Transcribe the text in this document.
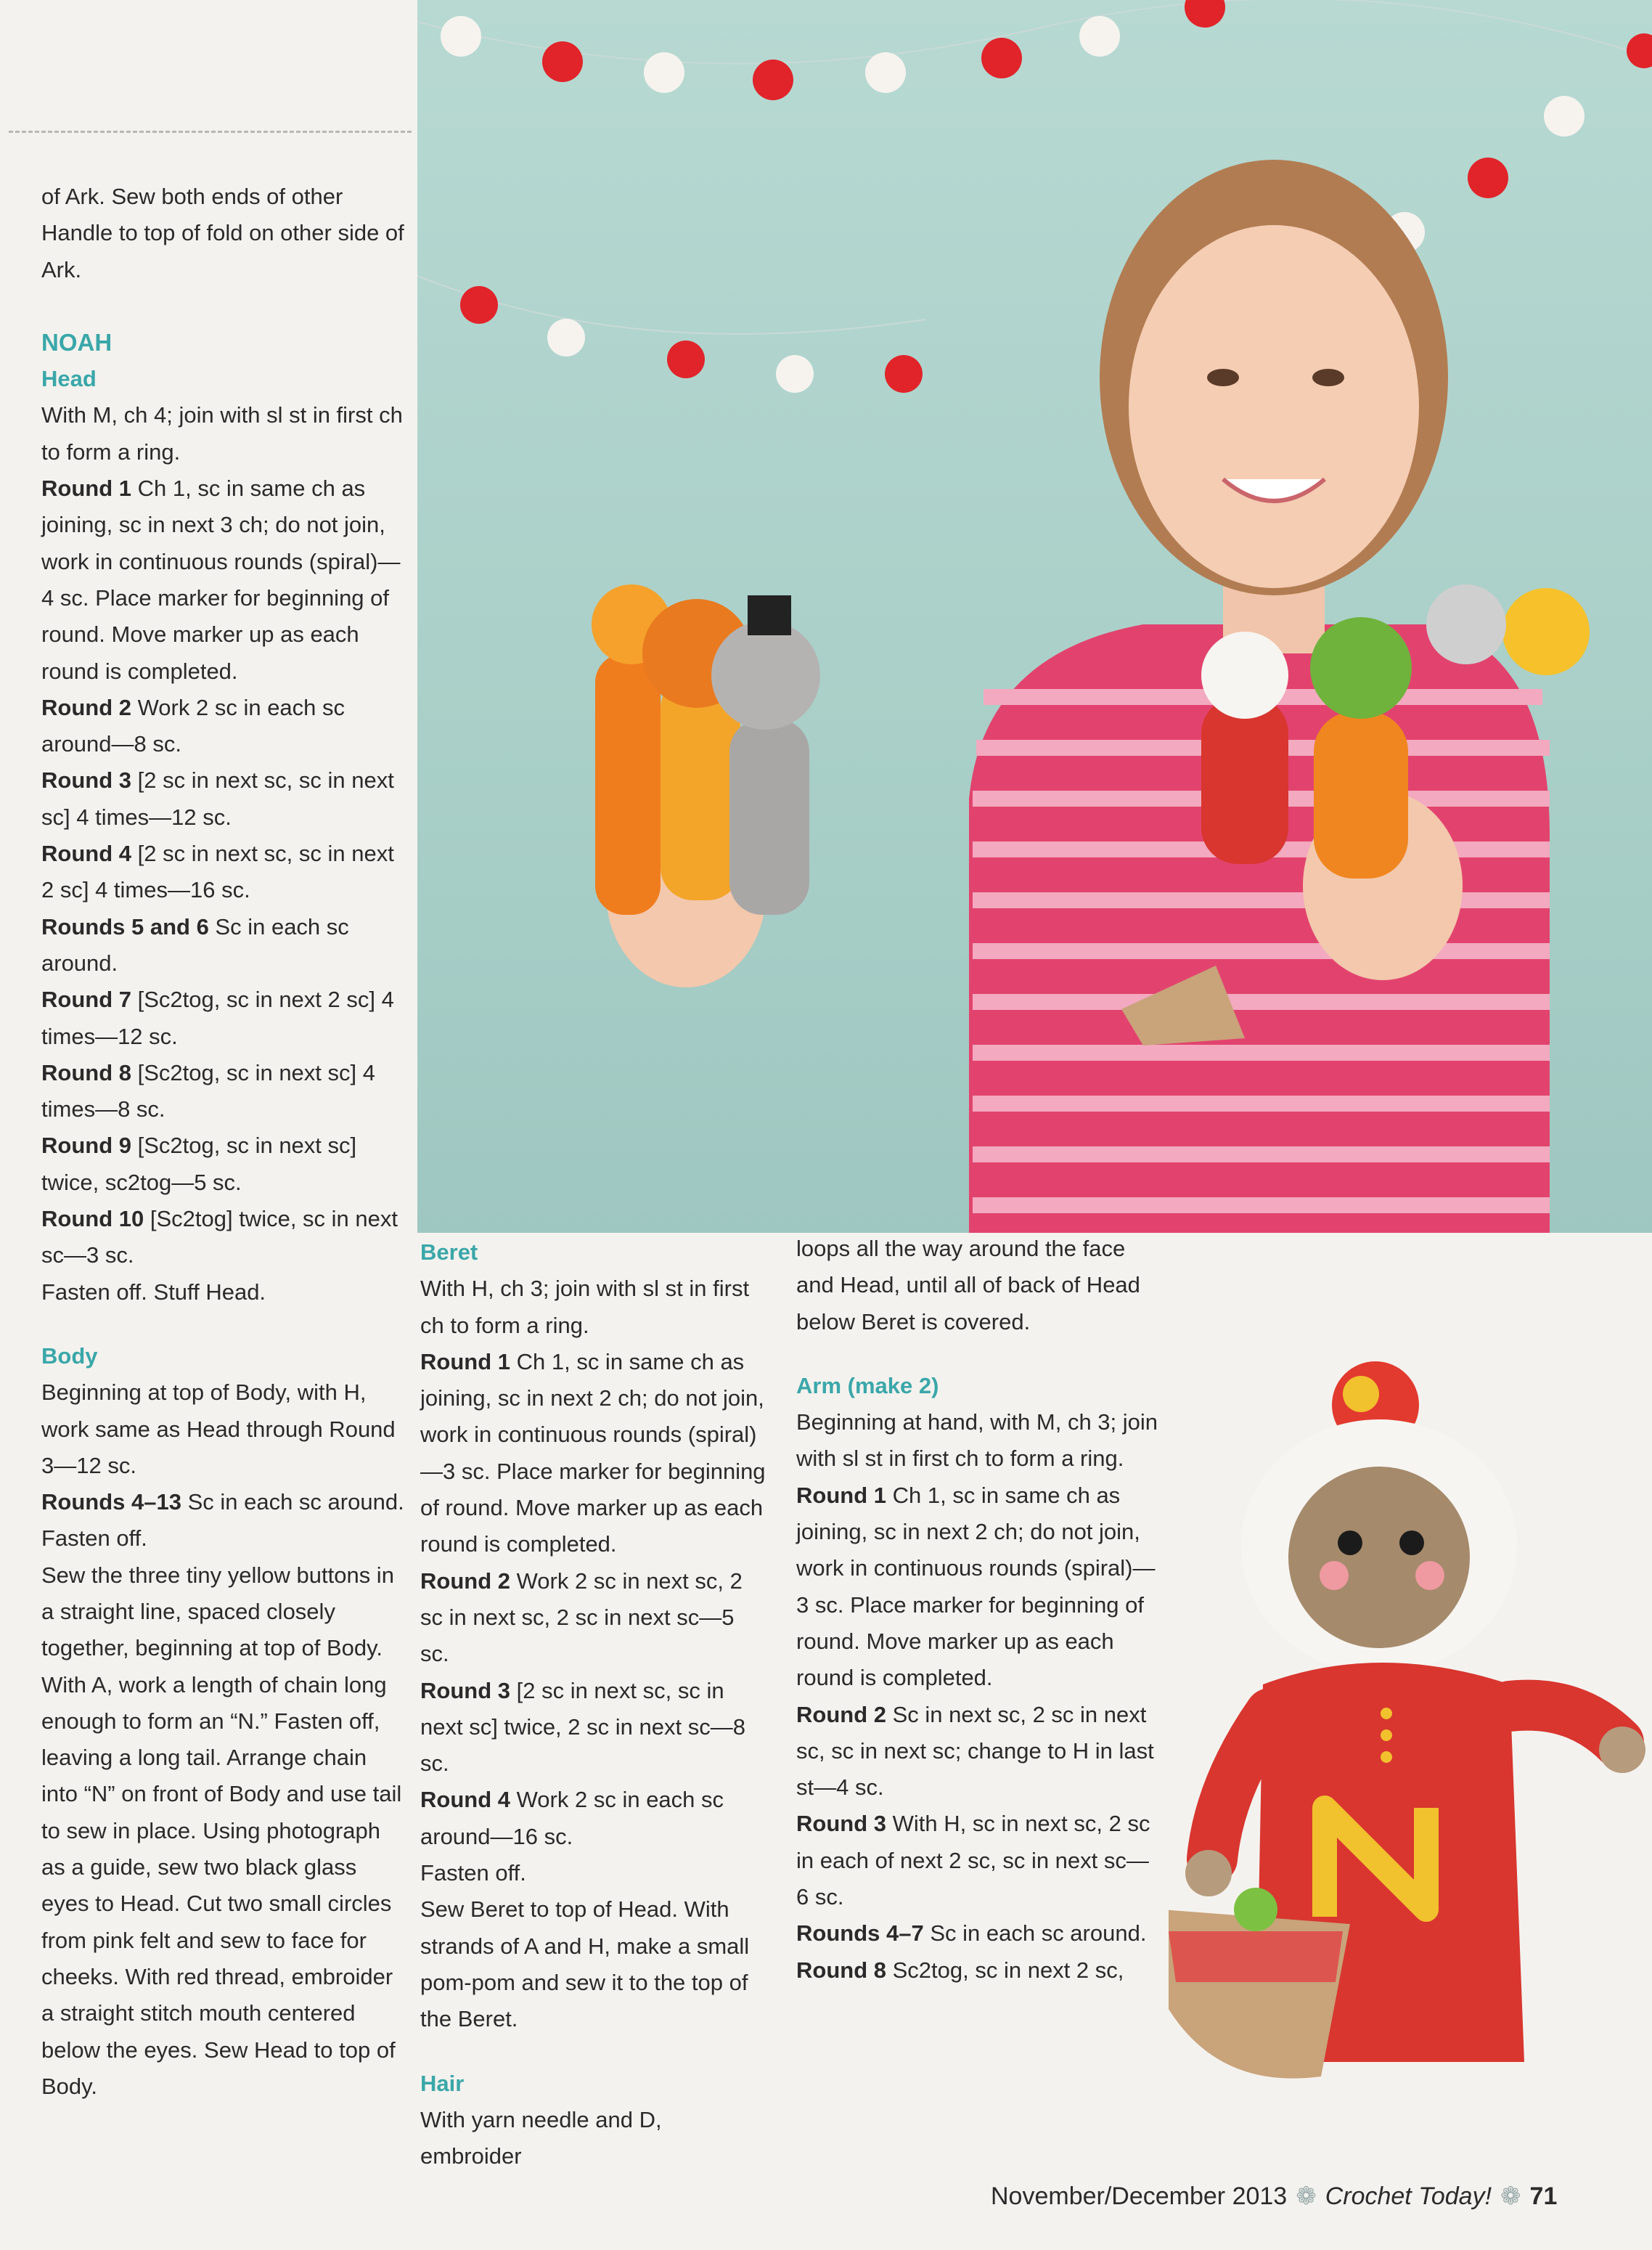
of Ark. Sew both ends of other Handle to top of fold on other side of Ark.

NOAH

Head

With M, ch 4; join with sl st in first ch to form a ring.

Round 1 Ch 1, sc in same ch as joining, sc in next 3 ch; do not join, work in continuous rounds (spiral)—4 sc. Place marker for beginning of round. Move marker up as each round is completed.

Round 2 Work 2 sc in each sc around—8 sc.

Round 3 [2 sc in next sc, sc in next sc] 4 times—12 sc.

Round 4 [2 sc in next sc, sc in next 2 sc] 4 times—16 sc.

Rounds 5 and 6 Sc in each sc around.

Round 7 [Sc2tog, sc in next 2 sc] 4 times—12 sc.

Round 8 [Sc2tog, sc in next sc] 4 times—8 sc.

Round 9 [Sc2tog, sc in next sc] twice, sc2tog—5 sc.

Round 10 [Sc2tog] twice, sc in next sc—3 sc.

Fasten off. Stuff Head.

Body

Beginning at top of Body, with H, work same as Head through Round 3—12 sc.

Rounds 4–13 Sc in each sc around.

Fasten off.

Sew the three tiny yellow buttons in a straight line, spaced closely together, beginning at top of Body. With A, work a length of chain long enough to form an “N.” Fasten off, leaving a long tail. Arrange chain into “N” on front of Body and use tail to sew in place. Using photograph as a guide, sew two black glass eyes to Head. Cut two small circles from pink felt and sew to face for cheeks. With red thread, embroider a straight stitch mouth centered below the eyes. Sew Head to top of Body.

Beret

With H, ch 3; join with sl st in first ch to form a ring.

Round 1 Ch 1, sc in same ch as joining, sc in next 2 ch; do not join, work in continuous rounds (spiral)—3 sc. Place marker for beginning of round. Move marker up as each round is completed.

Round 2 Work 2 sc in next sc, 2 sc in next sc, 2 sc in next sc—5 sc.

Round 3 [2 sc in next sc, sc in next sc] twice, 2 sc in next sc—8 sc.

Round 4 Work 2 sc in each sc around—16 sc.

Fasten off.

Sew Beret to top of Head. With strands of A and H, make a small pom-pom and sew it to the top of the Beret.

Hair

With yarn needle and D, embroider

loops all the way around the face and Head, until all of back of Head below Beret is covered.

Arm (make 2)

Beginning at hand, with M, ch 3; join with sl st in first ch to form a ring.

Round 1 Ch 1, sc in same ch as joining, sc in next 2 ch; do not join, work in continuous rounds (spiral)—3 sc. Place marker for beginning of round. Move marker up as each round is completed.

Round 2 Sc in next sc, 2 sc in next sc, sc in next sc; change to H in last st—4 sc.

Round 3 With H, sc in next sc, 2 sc in each of next 2 sc, sc in next sc—6 sc.

Rounds 4–7 Sc in each sc around.

Round 8 Sc2tog, sc in next 2 sc,

November/December 2013 ❁ Crochet Today! ❁ 71
